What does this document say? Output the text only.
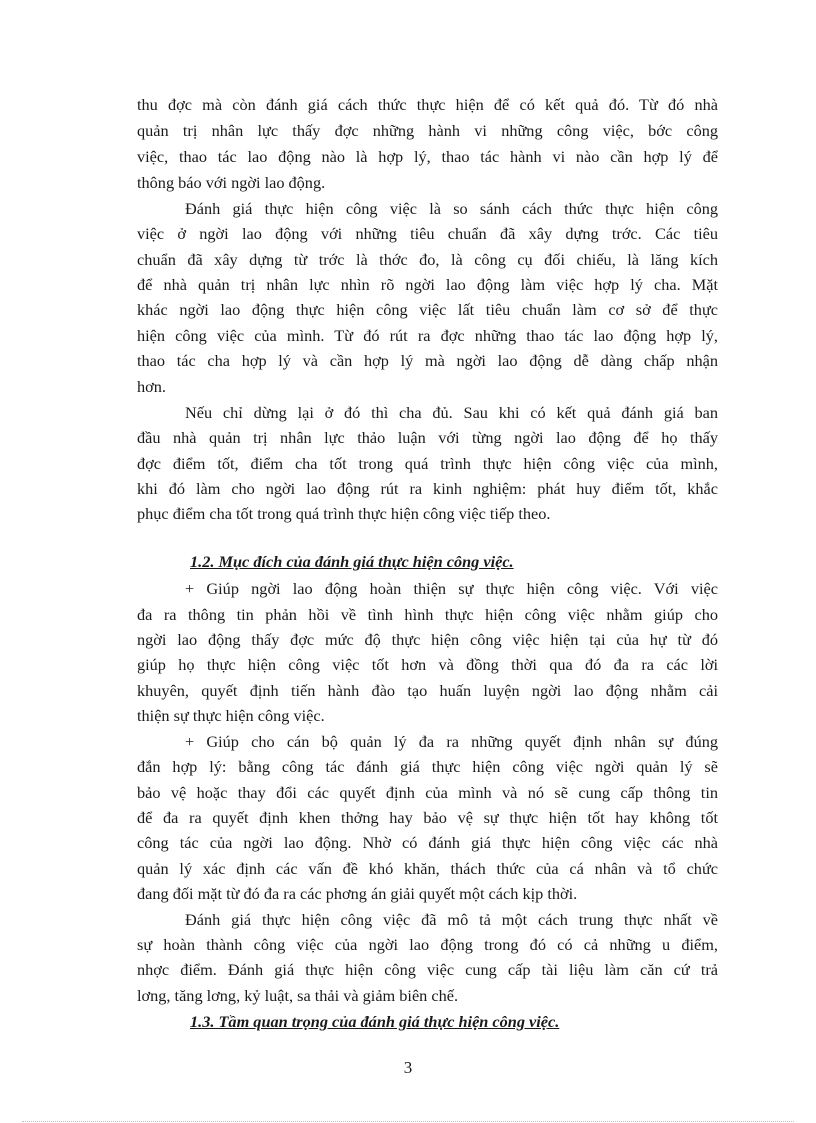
thu đợc mà còn đánh giá cách thức thực hiện để có kết quả đó. Từ đó nhà
quản trị nhân lực thấy đợc những hành vi những công việc, bớc công
việc, thao tác lao động nào là hợp lý, thao tác hành vi nào cần hợp lý để
thông báo với ngời lao động.
Đánh giá thực hiện công việc là so sánh cách thức thực hiện công
việc ở ngời lao động với những tiêu chuẩn đã xây dựng trớc. Các tiêu
chuẩn đã xây dựng từ trớc là thớc đo, là công cụ đối chiếu, là lăng kích
để nhà quản trị nhân lực nhìn rõ ngời lao động làm việc hợp lý cha. Mặt
khác ngời lao động thực hiện công việc lất tiêu chuẩn làm cơ sở để thực
hiện công việc của mình. Từ đó rút ra đợc những thao tác lao động hợp lý,
thao tác cha hợp lý và cần hợp lý mà ngời lao động dễ dàng chấp nhận
hơn.
Nếu chỉ dừng lại ở đó thì cha đủ. Sau khi có kết quả đánh giá ban
đầu nhà quản trị nhân lực thảo luận với từng ngời lao động để họ thấy
đợc điểm tốt, điểm cha tốt trong quá trình thực hiện công việc của mình,
khi đó làm cho ngời lao động rút ra kinh nghiệm: phát huy điểm tốt, khắc
phục điểm cha tốt trong quá trình thực hiện công việc tiếp theo.
1.2. Mục đích của đánh giá thực hiện công việc.
+ Giúp ngời lao động hoàn thiện sự thực hiện công việc. Với việc
đa ra thông tin phản hồi về tình hình thực hiện công việc nhằm giúp cho
ngời lao động thấy đợc mức độ thực hiện công việc hiện tại của hự từ đó
giúp họ thực hiện công việc tốt hơn và đồng thời qua đó đa ra các lời
khuyên, quyết định tiến hành đào tạo huấn luyện ngời lao động nhằm cải
thiện sự thực hiện công việc.
+ Giúp cho cán bộ quản lý đa ra những quyết định nhân sự đúng
đắn hợp lý: bằng công tác đánh giá thực hiện công việc ngời quản lý sẽ
bảo vệ hoặc thay đổi các quyết định của mình và nó sẽ cung cấp thông tin
để đa ra quyết định khen thởng hay bảo vệ sự thực hiện tốt hay không tốt
công tác của ngời lao động. Nhờ có đánh giá thực hiện công việc các nhà
quản lý xác định các vấn đề khó khăn, thách thức của cá nhân và tổ chức
đang đối mặt từ đó đa ra các phơng án giải quyết một cách kịp thời.
Đánh giá thực hiện công việc đã mô tả một cách trung thực nhất về
sự hoàn thành công việc của ngời lao động trong đó có cả những u điểm,
nhợc điểm. Đánh giá thực hiện công việc cung cấp tài liệu làm căn cứ trả
lơng, tăng lơng, kỷ luật, sa thải và giảm biên chế.
1.3. Tầm quan trọng của đánh giá thực hiện công việc.
3
